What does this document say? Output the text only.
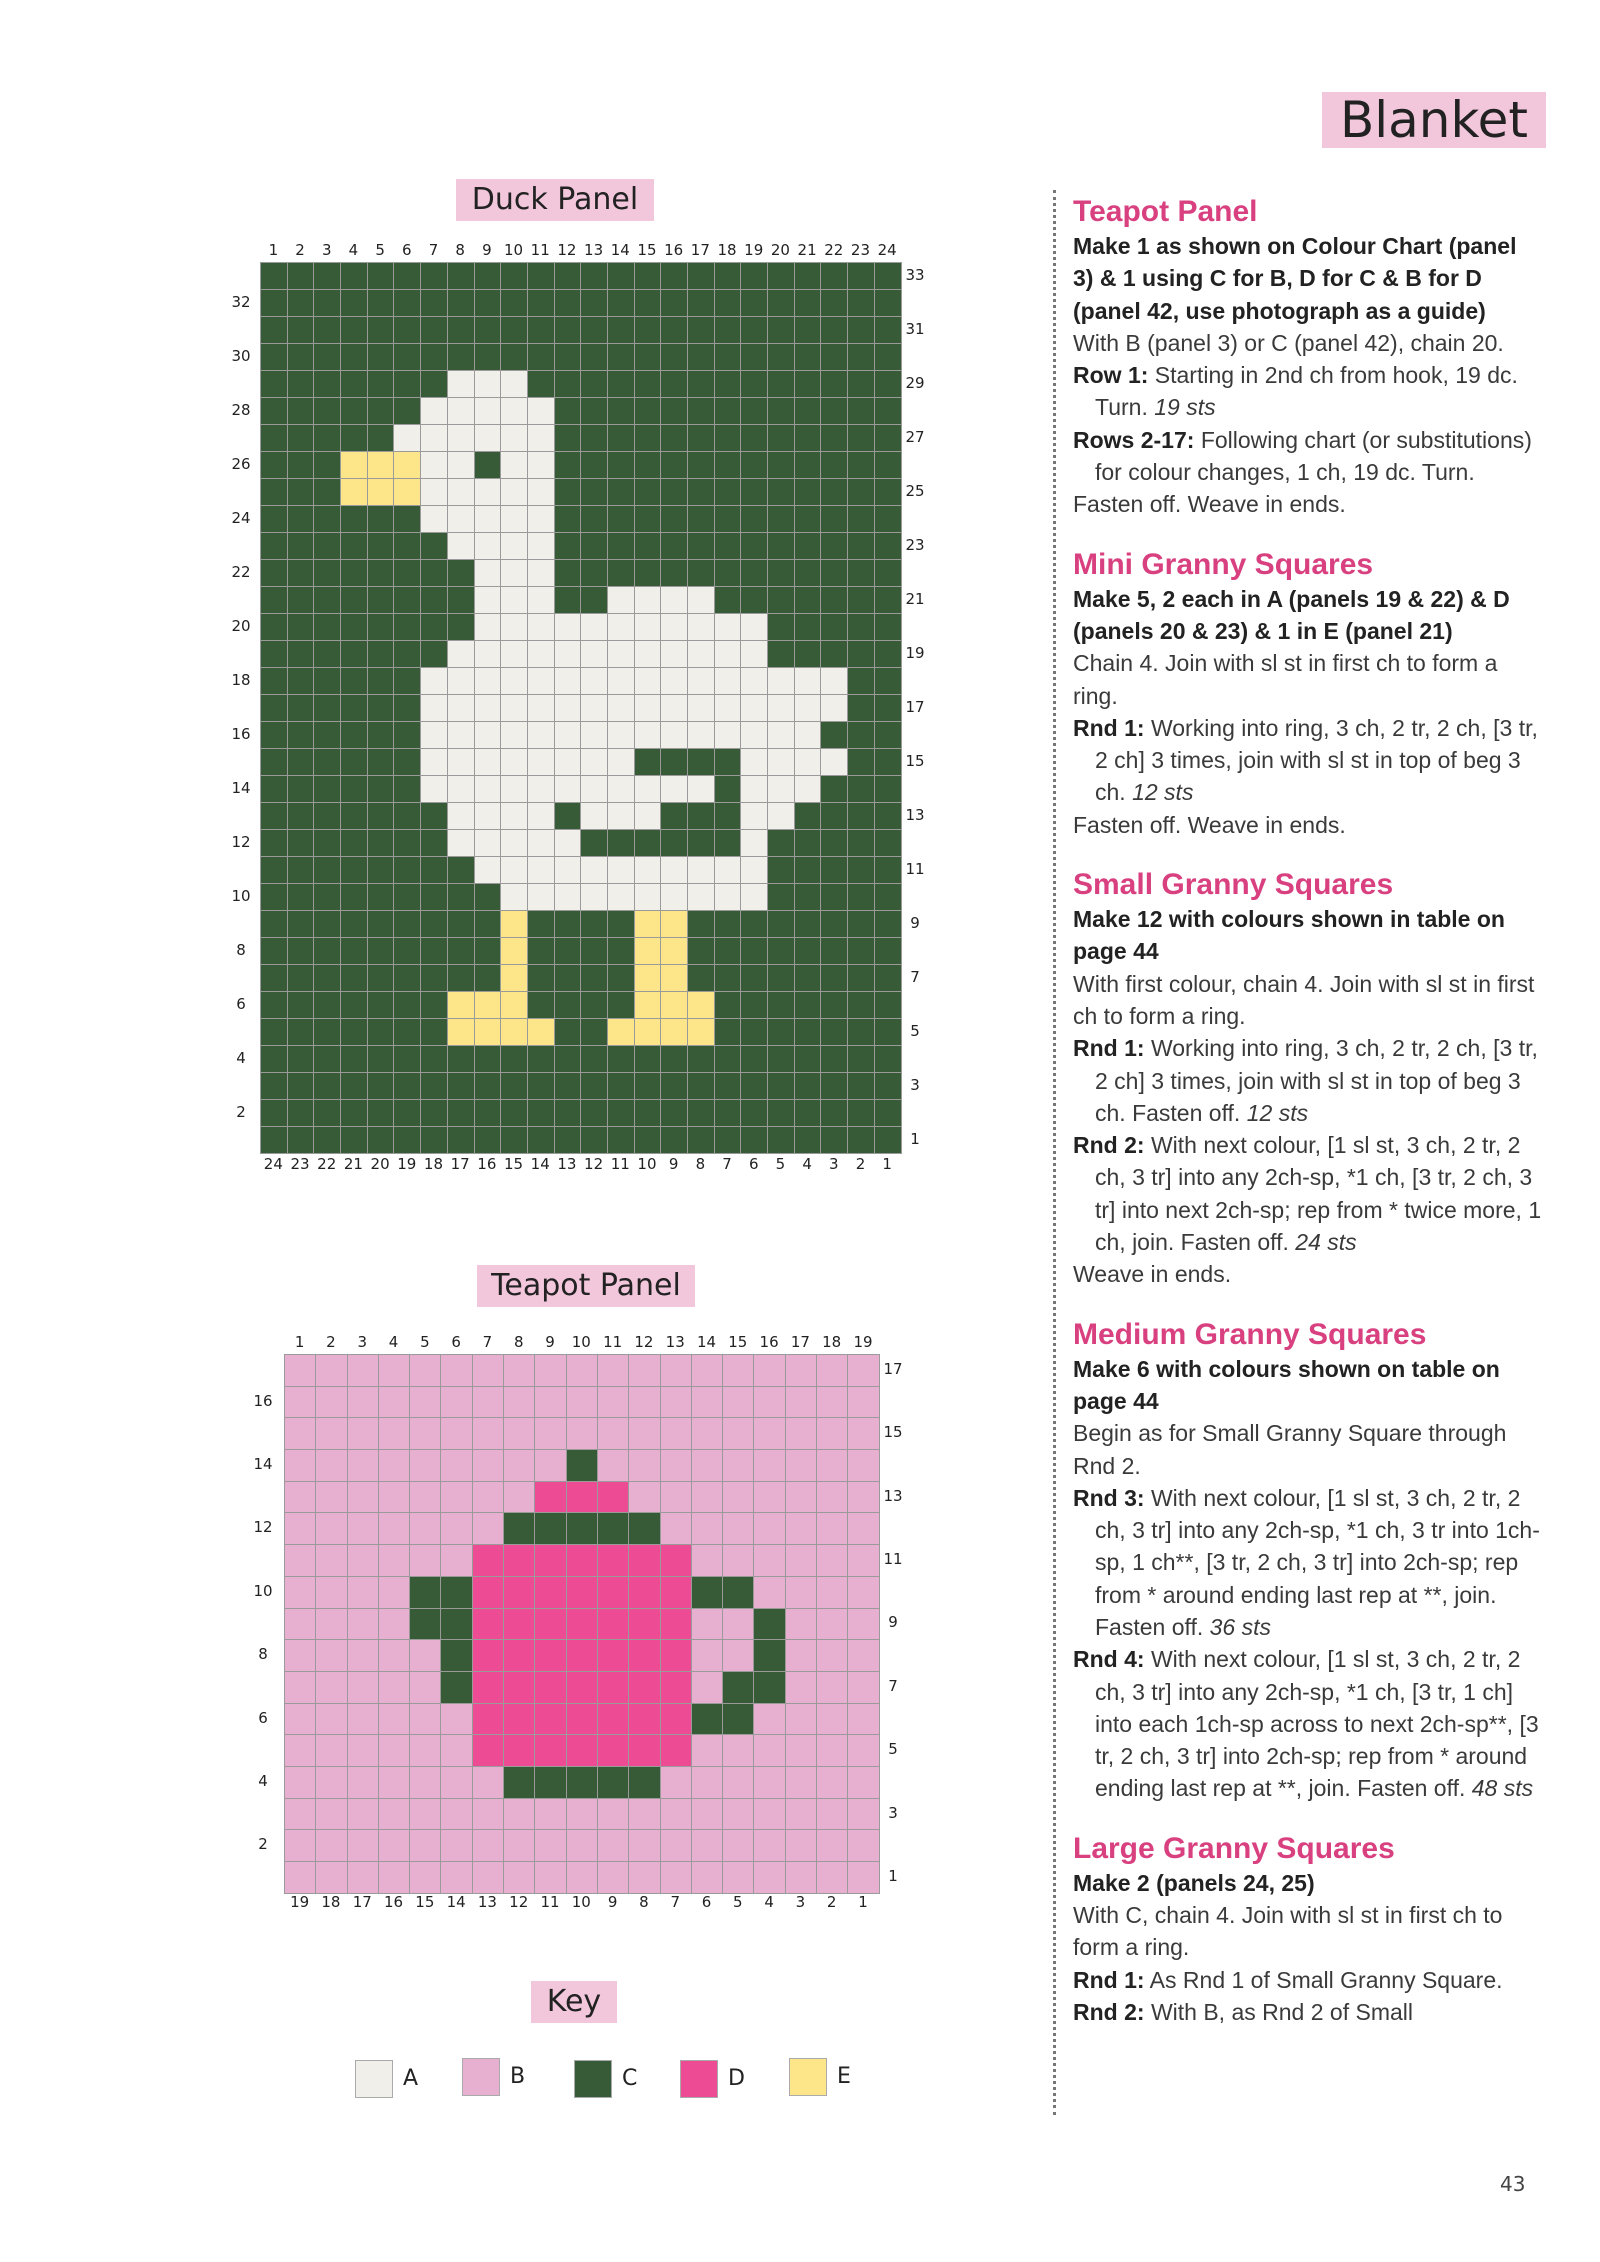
Blanket
Duck Panel
1	2	3	4	5	6	7	8	9 10 11 12 13 14 15 16 17 18 19 20 21 22 23 24
24 23 22 21 20 19 18 17 16 15 14 13 12 11 10 9	8	7	6	5	4	3	2	1
33
31
29
27
25
23
21
19
17
15
13
11
9
7
5
3
1
32
30
28
26
24
22
20
18
16
14
12
10
8
6
4
2
Teapot Panel
1	2	3	4	5	6	7	8	9	10 11 12 13 14 15 16 17 18 19
19 18 17 16 15 14 13 12 11 10	9	8	7	6	5	4	3	2	1
17
15
13
11
9
7
5
3
1
16
14
12
10
8
6
4
2
Key
A	B	C	D	E

Teapot Panel

Make 1 as shown on Colour Chart (panel 3) & 1 using C for B, D for C & B for D (panel 42, use photograph as a guide)

With B (panel 3) or C (panel 42), chain 20.

Row 1: Starting in 2nd ch from hook, 19 dc. Turn. 19 sts

Rows 2-17: Following chart (or substitutions) for colour changes, 1 ch, 19 dc. Turn.

Fasten off. Weave in ends.

Mini Granny Squares

Make 5, 2 each in A (panels 19 & 22) & D (panels 20 & 23) & 1 in E (panel 21)

Chain 4. Join with sl st in first ch to form a ring.

Rnd 1: Working into ring, 3 ch, 2 tr, 2 ch, [3 tr, 2 ch] 3 times, join with sl st in top of beg 3 ch. 12 sts

Fasten off. Weave in ends.

Small Granny Squares

Make 12 with colours shown in table on page 44

With first colour, chain 4. Join with sl st in first ch to form a ring.

Rnd 1: Working into ring, 3 ch, 2 tr, 2 ch, [3 tr, 2 ch] 3 times, join with sl st in top of beg 3 ch. Fasten off. 12 sts

Rnd 2: With next colour, [1 sl st, 3 ch, 2 tr, 2 ch, 3 tr] into any 2ch-sp, *1 ch, [3 tr, 2 ch, 3 tr] into next 2ch-sp; rep from * twice more, 1 ch, join. Fasten off. 24 sts

Weave in ends.

Medium Granny Squares

Make 6 with colours shown on table on page 44

Begin as for Small Granny Square through Rnd 2.

Rnd 3: With next colour, [1 sl st, 3 ch, 2 tr, 2 ch, 3 tr] into any 2ch-sp, *1 ch, 3 tr into 1ch-sp, 1 ch**, [3 tr, 2 ch, 3 tr] into 2ch-sp; rep from * around ending last rep at **, join. Fasten off. 36 sts

Rnd 4: With next colour, [1 sl st, 3 ch, 2 tr, 2 ch, 3 tr] into any 2ch-sp, *1 ch, [3 tr, 1 ch] into each 1ch-sp across to next 2ch-sp**, [3 tr, 2 ch, 3 tr] into 2ch-sp; rep from * around ending last rep at **, join. Fasten off. 48 sts

Large Granny Squares

Make 2 (panels 24, 25)

With C, chain 4. Join with sl st in first ch to form a ring.

Rnd 1: As Rnd 1 of Small Granny Square.

Rnd 2: With B, as Rnd 2 of Small

43
